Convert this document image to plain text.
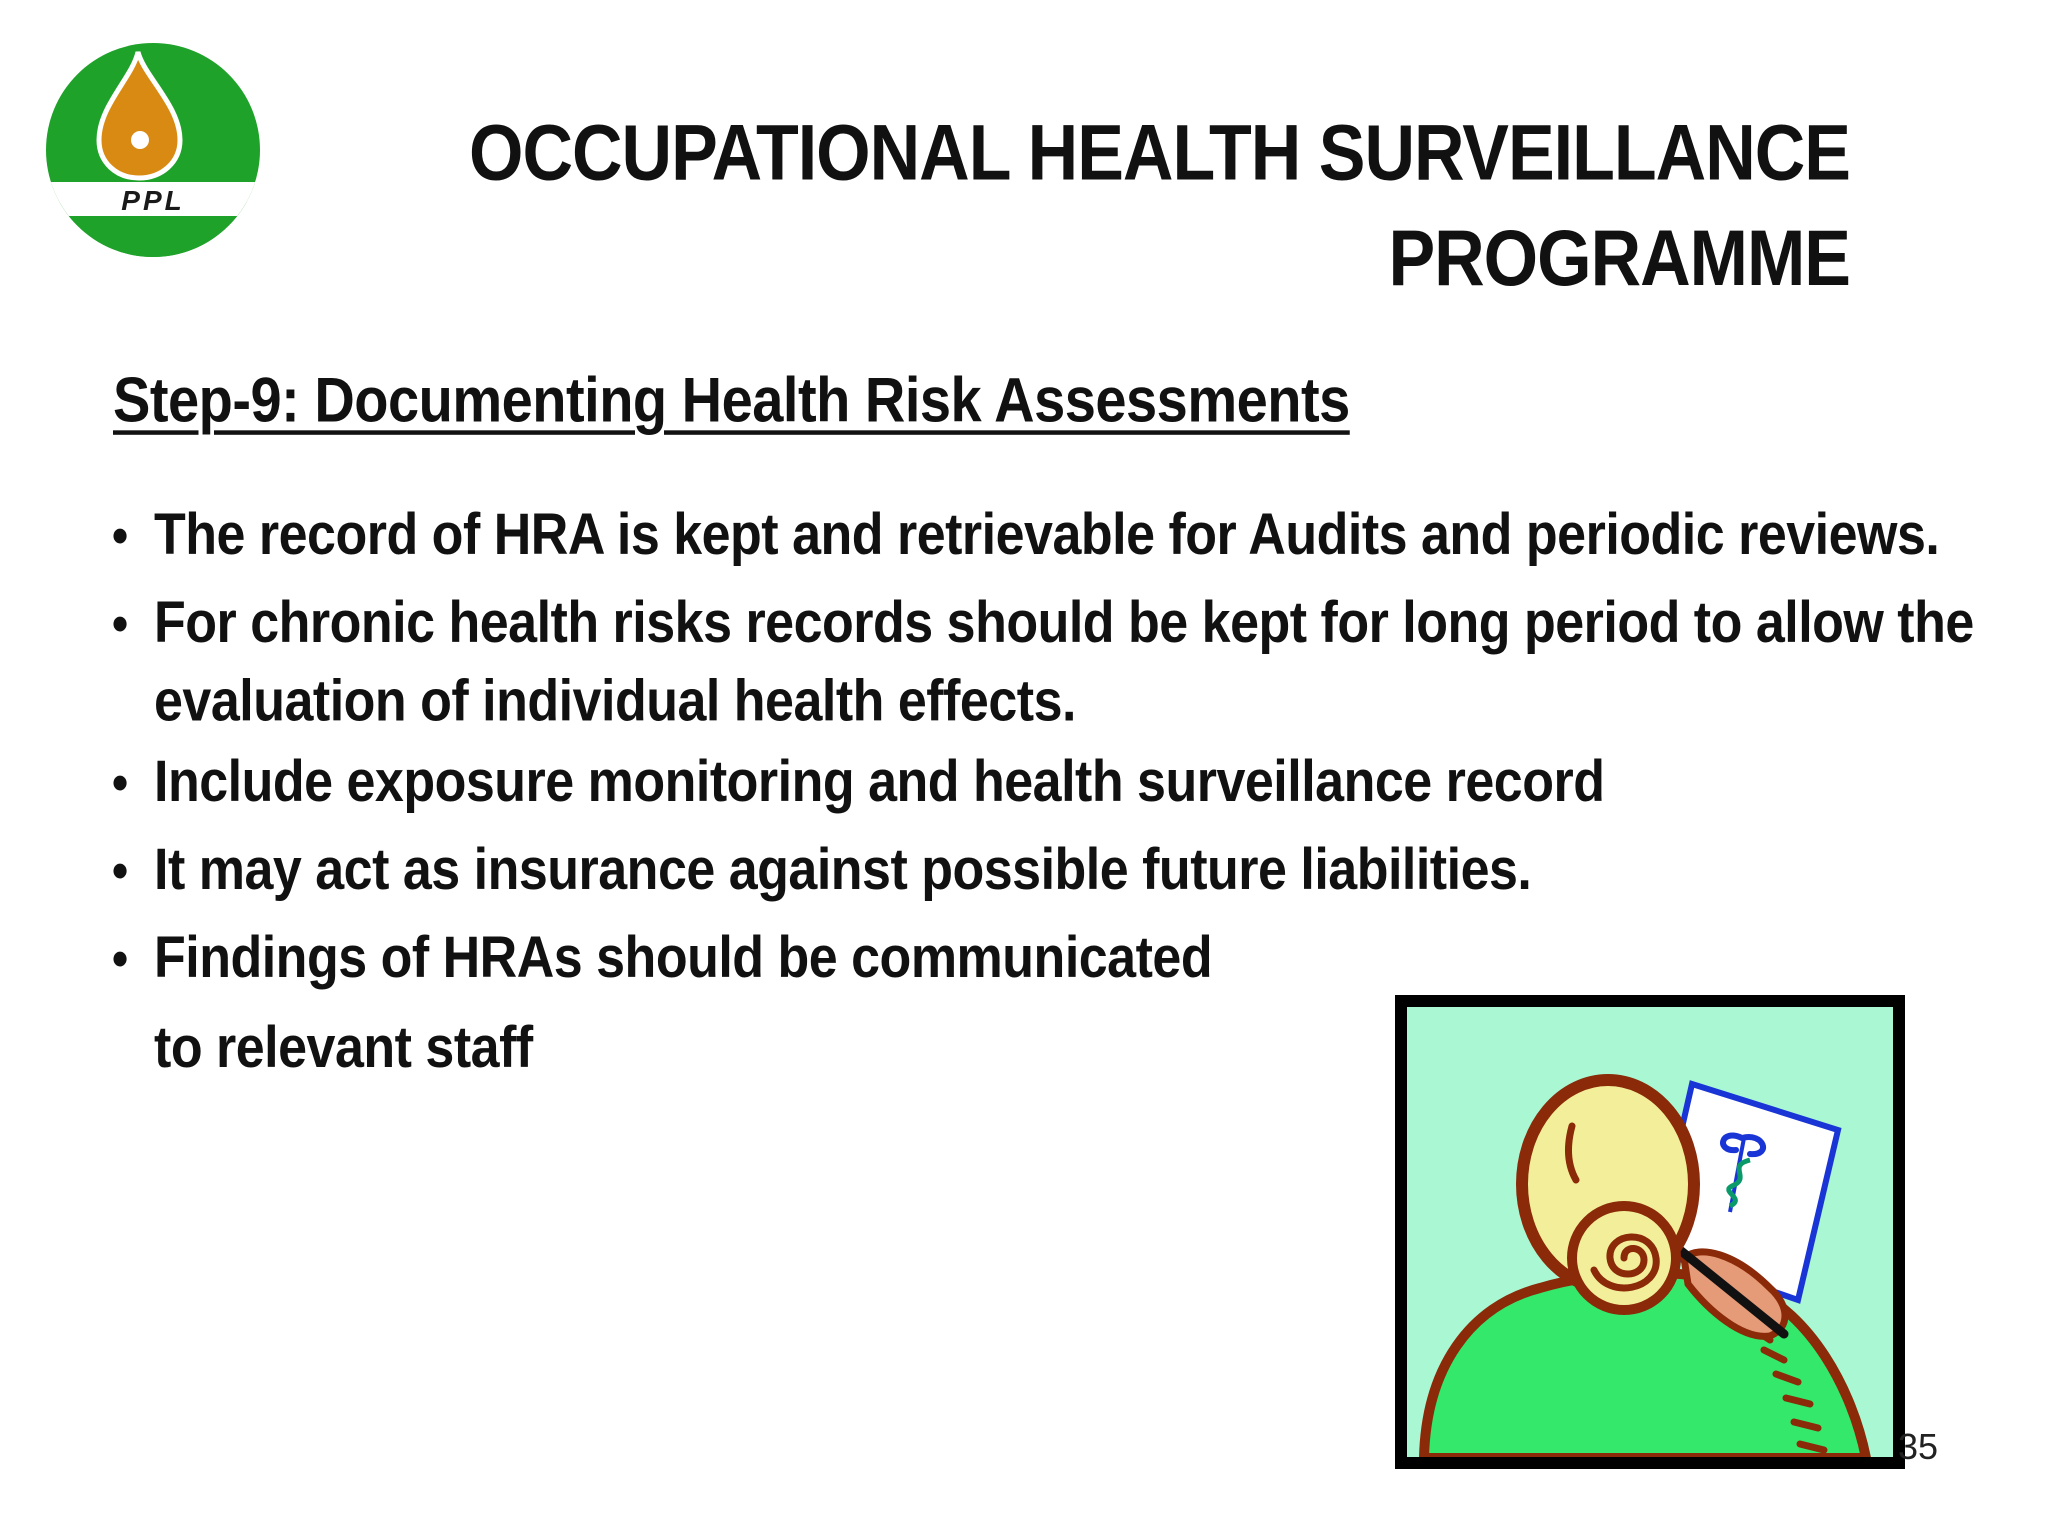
PPL
OCCUPATIONAL HEALTH SURVEILLANCE
PROGRAMME
Step-9: Documenting Health Risk Assessments
• The record of HRA is kept and retrievable for Audits and periodic reviews.
• For chronic health risks records should be kept for long period to allow the
evaluation of individual health effects.
• Include exposure monitoring and health surveillance record
• It may act as insurance against possible future liabilities.
• Findings of HRAs should be communicated
to relevant staff
35
